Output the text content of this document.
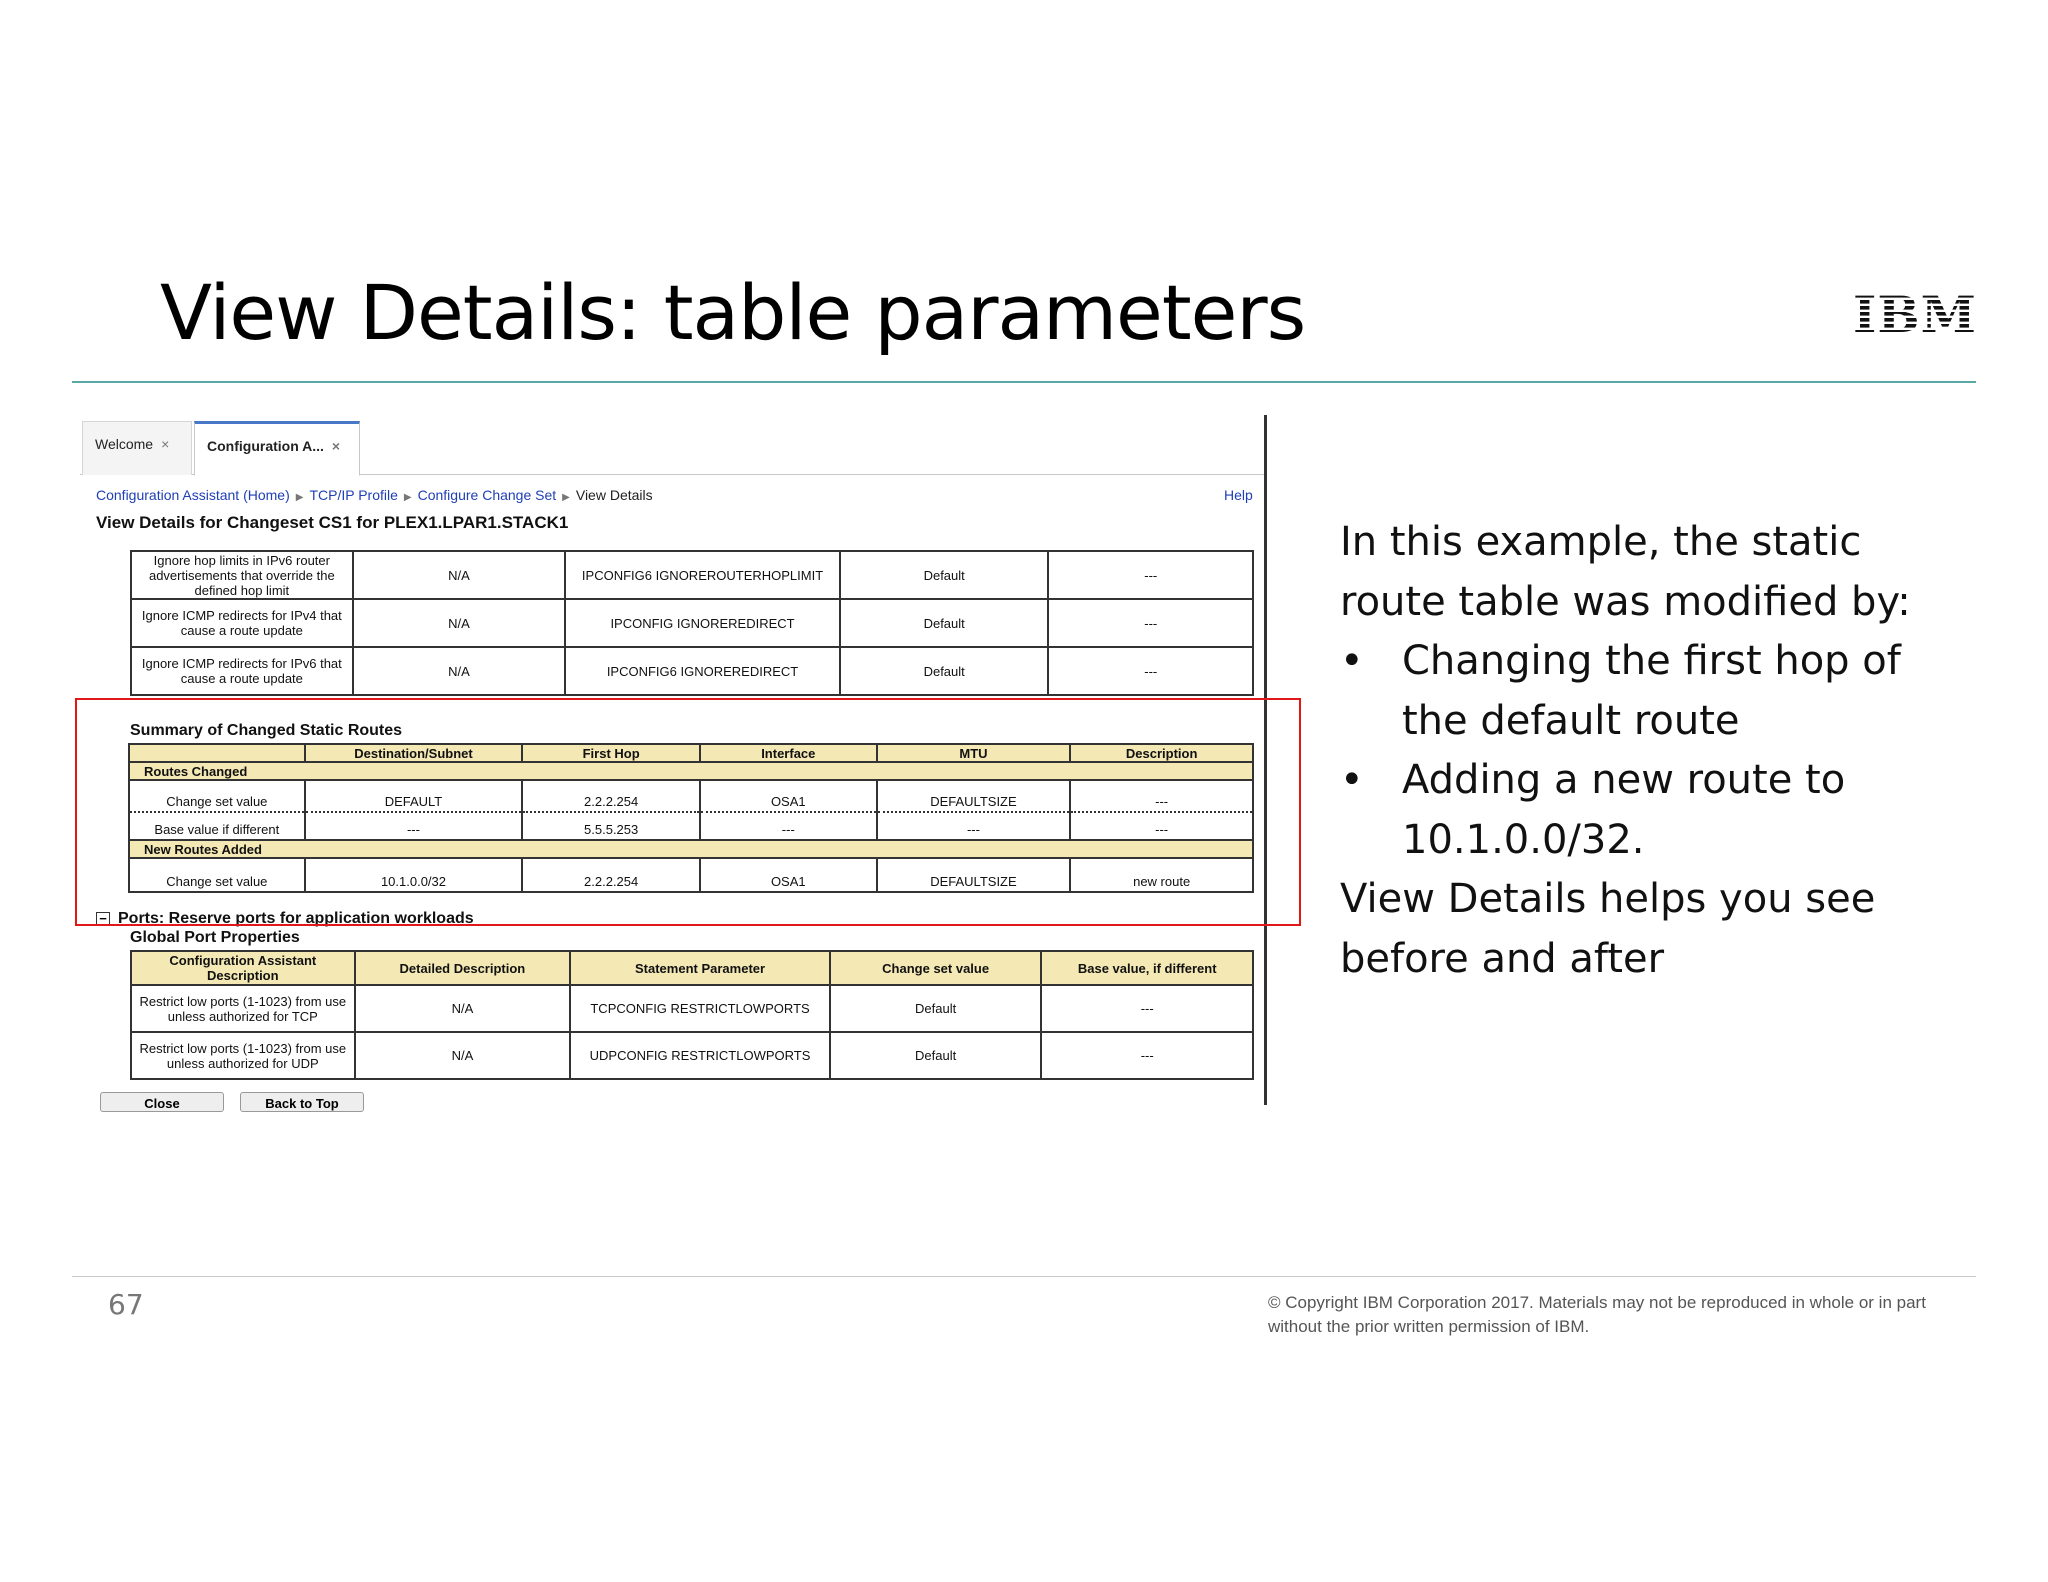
View Details: table parameters	IBM
Welcome ×	Configuration A... ×
Configuration Assistant (Home) ▶ TCP/IP Profile ▶ Configure Change Set ▶ View Details	Help
View Details for Changeset CS1 for PLEX1.LPAR1.STACK1
Ignore hop limits in IPv6 router advertisements that override the defined hop limit	N/A	IPCONFIG6 IGNOREROUTERHOPLIMIT	Default	---
Ignore ICMP redirects for IPv4 that cause a route update	N/A	IPCONFIG IGNOREREDIRECT	Default	---
Ignore ICMP redirects for IPv6 that cause a route update	N/A	IPCONFIG6 IGNOREREDIRECT	Default	---
Summary of Changed Static Routes
	Destination/Subnet	First Hop	Interface	MTU	Description
Routes Changed					
Change set value	DEFAULT	2.2.2.254	OSA1	DEFAULTSIZE	---
Base value if different	---	5.5.5.253	---	---	---
New Routes Added					
Change set value	10.1.0.0/32	2.2.2.254	OSA1	DEFAULTSIZE	new route
− Ports: Reserve ports for application workloads
Global Port Properties
Configuration Assistant Description	Detailed Description	Statement Parameter	Change set value	Base value, if different
Restrict low ports (1-1023) from use unless authorized for TCP	N/A	TCPCONFIG RESTRICTLOWPORTS	Default	---
Restrict low ports (1-1023) from use unless authorized for UDP	N/A	UDPCONFIG RESTRICTLOWPORTS	Default	---
Close	Back to Top
In this example, the static route table was modified by:
• Changing the first hop of the default route
• Adding a new route to 10.1.0.0/32.
View Details helps you see before and after
67	© Copyright IBM Corporation 2017. Materials may not be reproduced in whole or in part without the prior written permission of IBM.
